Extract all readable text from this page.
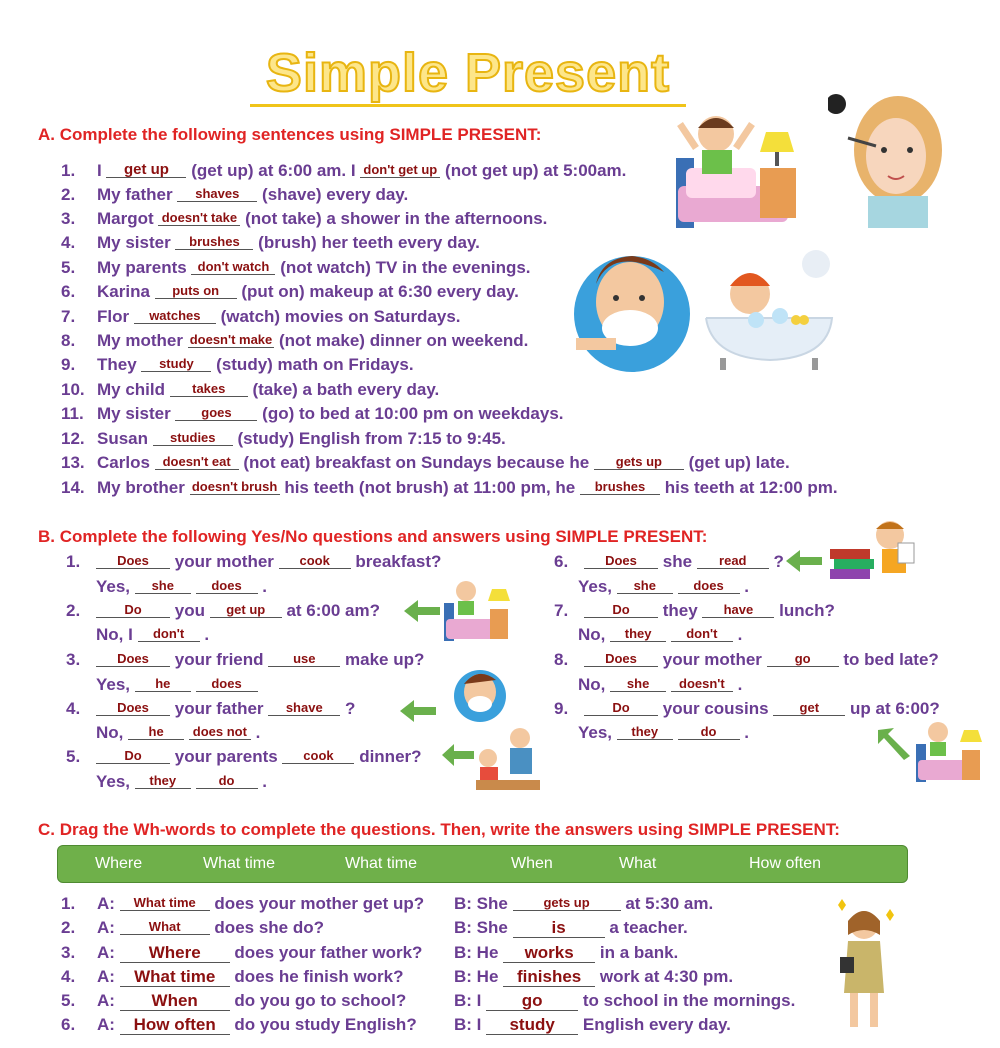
Simple Present
A. Complete the following sentences using SIMPLE PRESENT:
1. I get up (get up) at 6:00 am. I don't get up (not get up) at 5:00am.
2. My father shaves (shave) every day.
3. Margot doesn't take (not take) a shower in the afternoons.
4. My sister brushes (brush) her teeth every day.
5. My parents don't watch (not watch) TV in the evenings.
6. Karina puts on (put on) makeup at 6:30 every day.
7. Flor watches (watch) movies on Saturdays.
8. My mother doesn't make (not make) dinner on weekend.
9. They study (study) math on Fridays.
10. My child takes (take) a bath every day.
11. My sister goes (go) to bed at 10:00 pm on weekdays.
12. Susan studies (study) English from 7:15 to 9:45.
13. Carlos doesn't eat (not eat) breakfast on Sundays because he gets up (get up) late.
14. My brother doesn't brush his teeth (not brush) at 11:00 pm, he brushes his teeth at 12:00 pm.
B. Complete the following Yes/No questions and answers using SIMPLE PRESENT:
1.	Does your mother cook breakfast?
Yes, she	does .
2.	Do you get up at 6:00 am?
No, I don't .
3.	Does your friend use make up?
Yes, he	does
4.	Does your father shave ?
No, he does not .
5.	Do your parents cook dinner?
Yes, they	do .
6.	Does she read ?
Yes, she	does .
7.	Do they have lunch?
No, they	don't .
8.	Does your mother	go to bed late?
No, she doesn't .
9.	Do your cousins get up at 6:00?
Yes, they	do .
C. Drag the Wh-words to complete the questions. Then, write the answers using SIMPLE PRESENT:
Where	What time	What time	When	What	How often
1. A: What time does your mother get up? B: She	gets up at 5:30 am.
2. A:	What does she do?	B: She	is	a teacher.
3. A: Where does your father work? B: He works in a bank.
4. A: What time does he finish work?	B: He finishes work at 4:30 pm.
5. A: When do you go to school?	B: I go to school in the mornings.
6. A: How often do you study English? B: I study English every day.
